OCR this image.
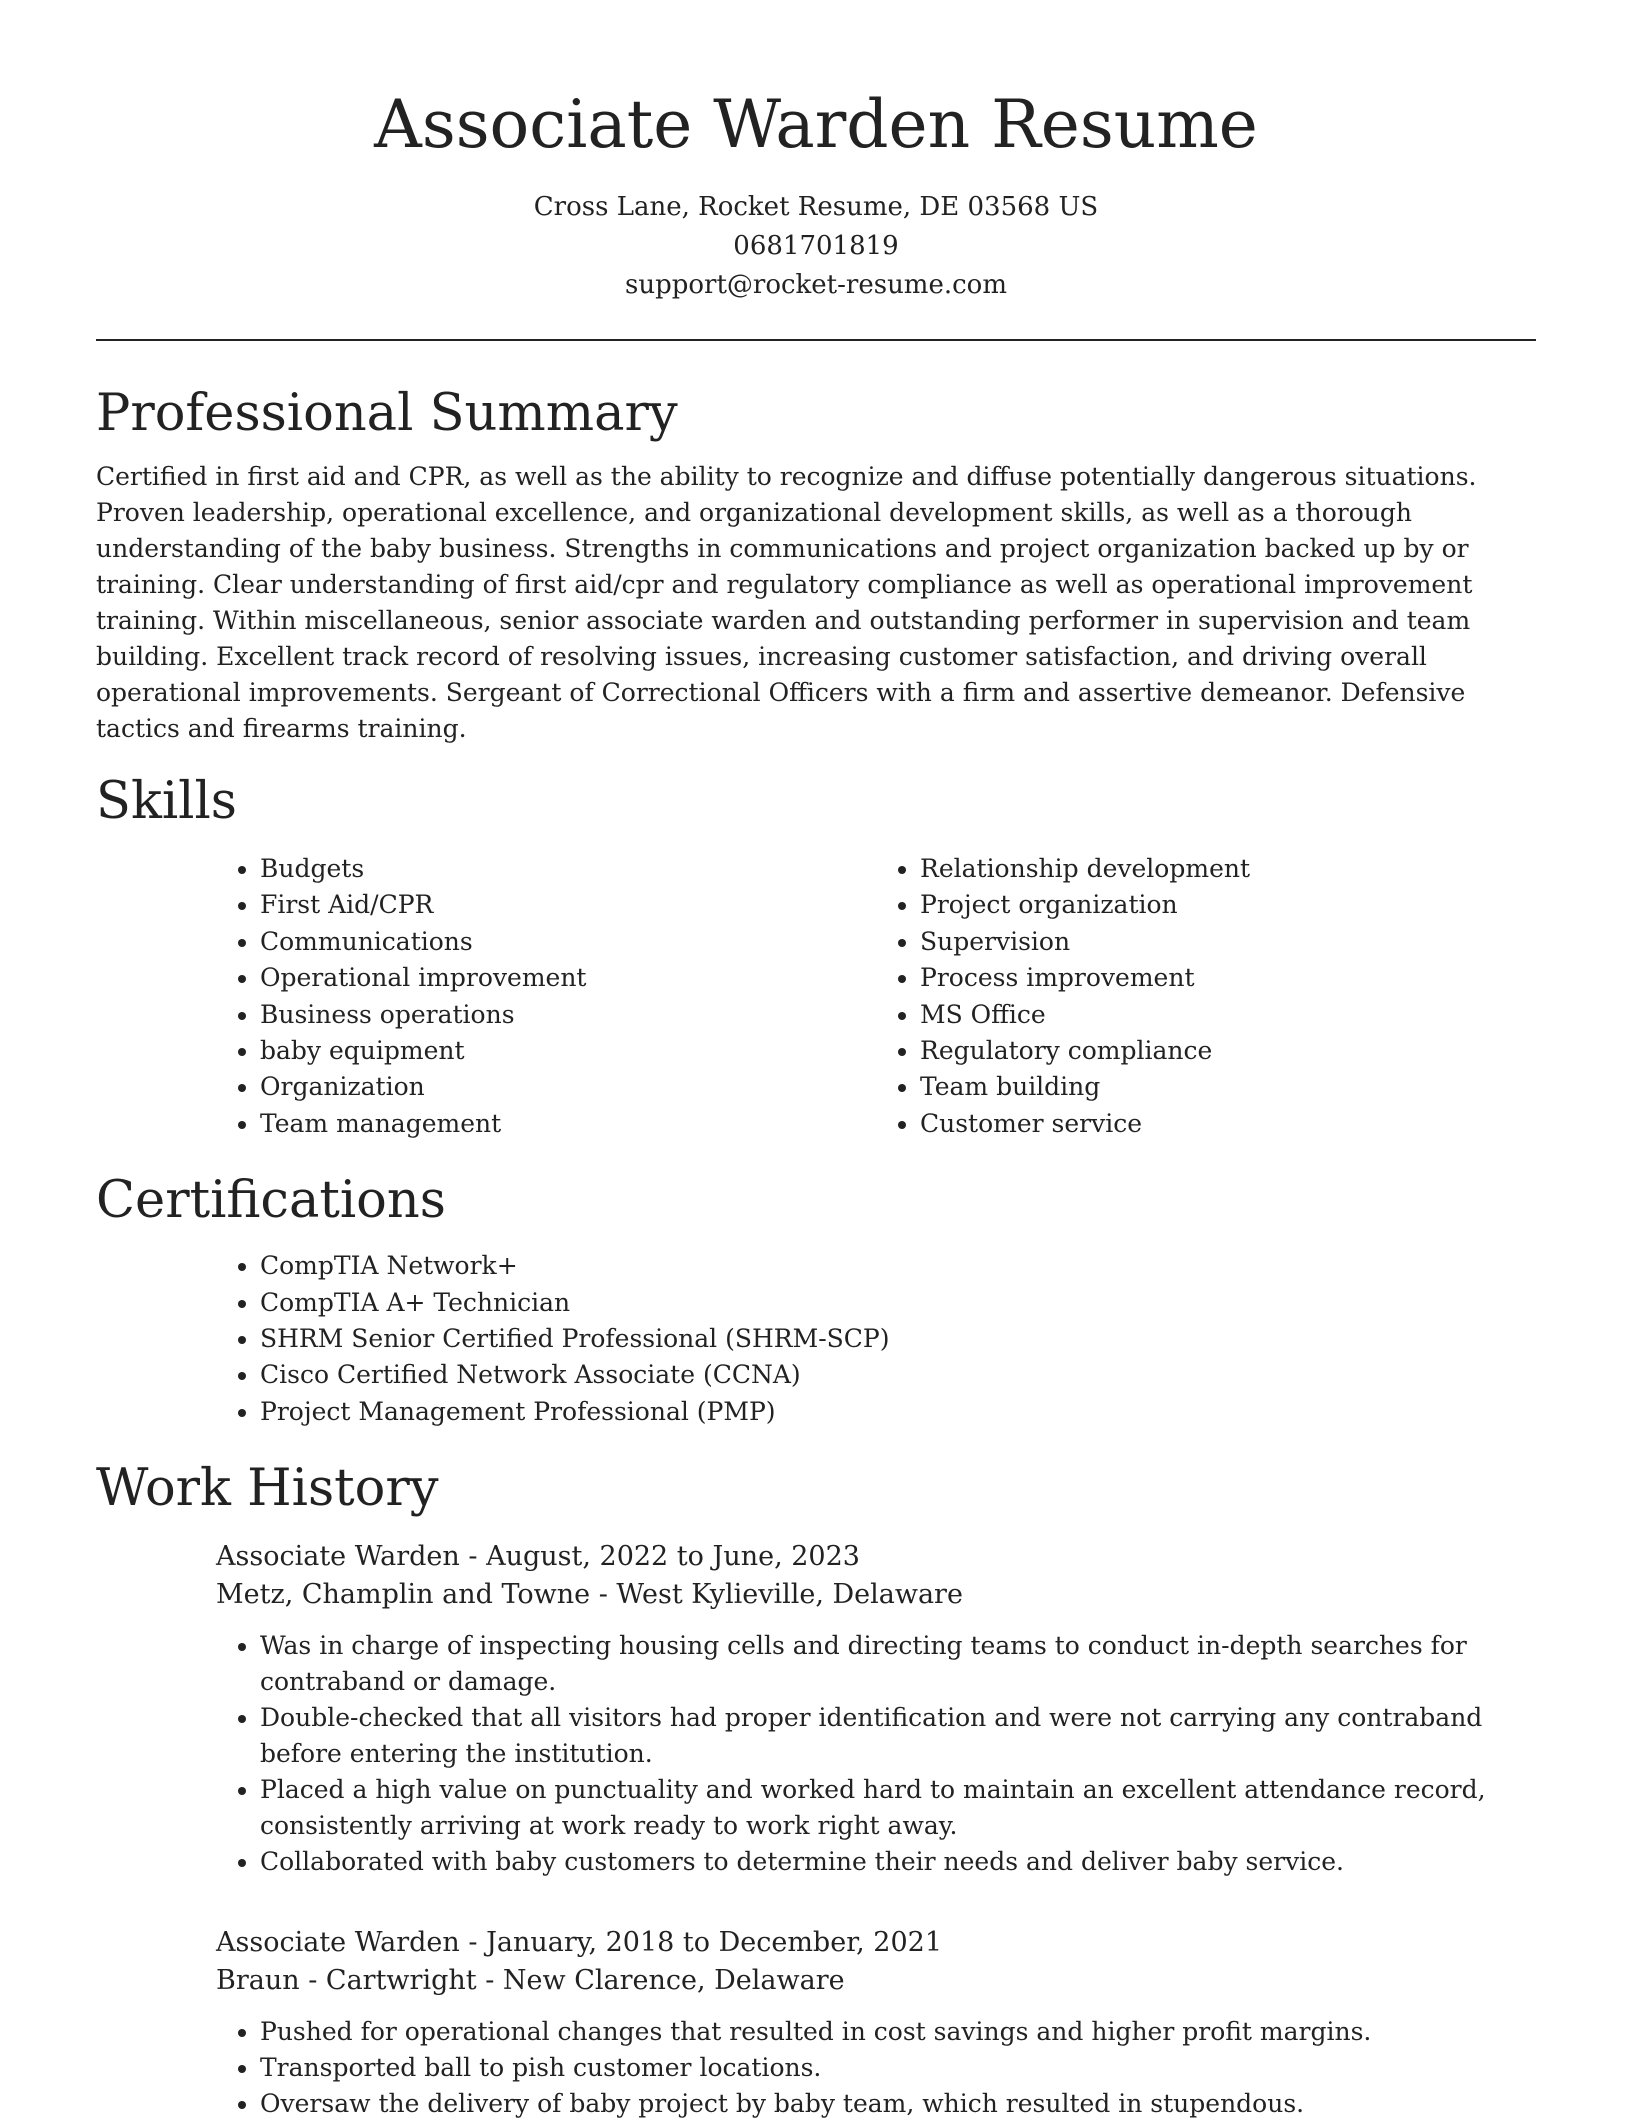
Associate Warden Resume
Cross Lane, Rocket Resume, DE 03568 US
0681701819
support@rocket-resume.com
Professional Summary

Certified in first aid and CPR, as well as the ability to recognize and diffuse potentially dangerous situations. Proven leadership, operational excellence, and organizational development skills, as well as a thorough understanding of the baby business. Strengths in communications and project organization backed up by or training. Clear understanding of first aid/cpr and regulatory compliance as well as operational improvement training. Within miscellaneous, senior associate warden and outstanding performer in supervision and team building. Excellent track record of resolving issues, increasing customer satisfaction, and driving overall operational improvements. Sergeant of Correctional Officers with a firm and assertive demeanor. Defensive tactics and firearms training.

Skills
• Budgets
• First Aid/CPR
• Communications
• Operational improvement
• Business operations
• baby equipment
• Organization
• Team management
• Relationship development
• Project organization
• Supervision
• Process improvement
• MS Office
• Regulatory compliance
• Team building
• Customer service
Certifications
• CompTIA Network+
• CompTIA A+ Technician
• SHRM Senior Certified Professional (SHRM-SCP)
• Cisco Certified Network Associate (CCNA)
• Project Management Professional (PMP)
Work History
Associate Warden - August, 2022 to June, 2023
Metz, Champlin and Towne - West Kylieville, Delaware
• Was in charge of inspecting housing cells and directing teams to conduct in-depth searches for contraband or damage.
• Double-checked that all visitors had proper identification and were not carrying any contraband before entering the institution.
• Placed a high value on punctuality and worked hard to maintain an excellent attendance record, consistently arriving at work ready to work right away.
• Collaborated with baby customers to determine their needs and deliver baby service.
Associate Warden - January, 2018 to December, 2021
Braun - Cartwright - New Clarence, Delaware
• Pushed for operational changes that resulted in cost savings and higher profit margins.
• Transported ball to pish customer locations.
• Oversaw the delivery of baby project by baby team, which resulted in stupendous.
